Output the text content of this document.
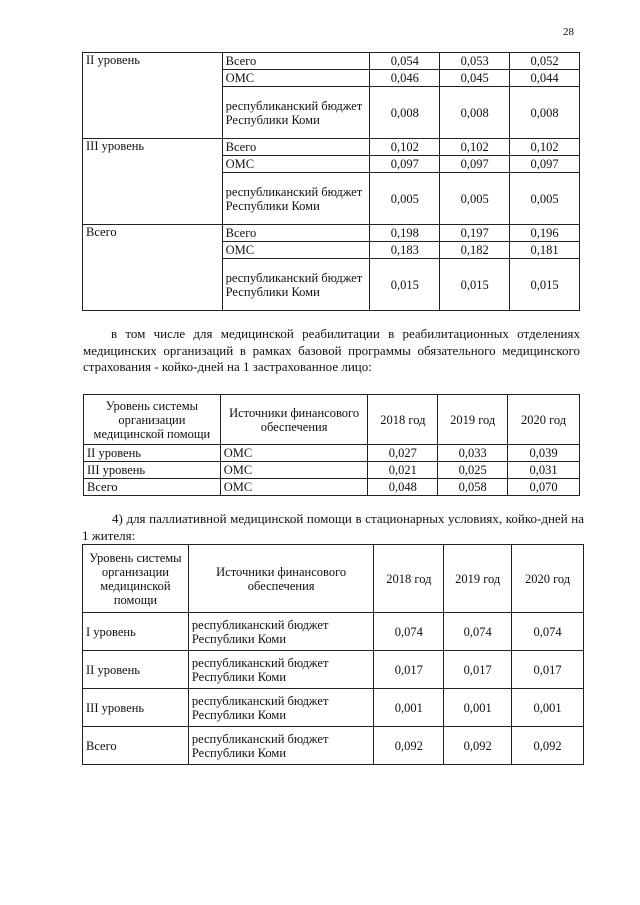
28
II уровень	Всего	0,054	0,053	0,052
	ОМС	0,046	0,045	0,044
	республиканский бюджет Республики Коми	0,008	0,008	0,008
III уровень	Всего	0,102	0,102	0,102
	ОМС	0,097	0,097	0,097
	республиканский бюджет Республики Коми	0,005	0,005	0,005
Всего	Всего	0,198	0,197	0,196
	ОМС	0,183	0,182	0,181
	республиканский бюджет Республики Коми	0,015	0,015	0,015
в том числе для медицинской реабилитации в реабилитационных отделениях медицинских организаций в рамках базовой программы обязательного медицинского страхования - койко-дней на 1 застрахованное лицо:
Уровень системы организации медицинской помощи	Источники финансового обеспечения	2018 год	2019 год	2020 год
II уровень	ОМС	0,027	0,033	0,039
III уровень	ОМС	0,021	0,025	0,031
Всего	ОМС	0,048	0,058	0,070
4) для паллиативной медицинской помощи в стационарных условиях, койко-дней на 1 жителя:
Уровень системы организации медицинской помощи	Источники финансового обеспечения	2018 год	2019 год	2020 год
I уровень	республиканский бюджет Республики Коми	0,074	0,074	0,074
II уровень	республиканский бюджет Республики Коми	0,017	0,017	0,017
III уровень	республиканский бюджет Республики Коми	0,001	0,001	0,001
Всего	республиканский бюджет Республики Коми	0,092	0,092	0,092
